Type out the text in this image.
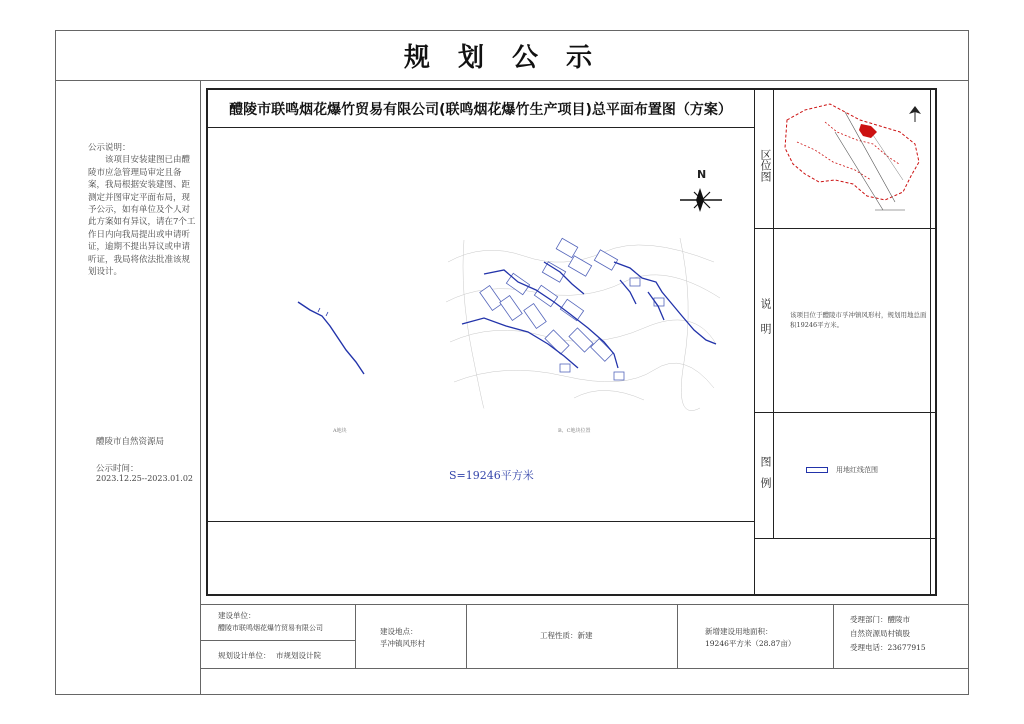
规划公示

公示说明：

该项目安装建图已由醴陵市应急管理局审定且备案，我局根据安装建图、距测定并图审定平面布局，现予公示，如有单位及个人对此方案如有异议，请在7个工作日内向我局提出或申请听证，逾期不提出异议或申请听证，我局将依法批准该规划设计。

醴陵市自然资源局
公示时间：
2023.12.25--2023.01.02
醴陵市联鸣烟花爆竹贸易有限公司(联鸣烟花爆竹生产项目)总平面布置图（方案）
区位图
说明
图例
该项目位于醴陵市孚冲镇风形村，规划用地总面积19246平方米。
用地红线范围
N
A地块	B、C地块位置
S=19246平方米
建设单位：
醴陵市联鸣烟花爆竹贸易有限公司
规划设计单位： 市规划设计院
建设地点：
孚冲镇风形村
工程性质：新建	新增建设用地面积：
19246平方米（28.87亩）
受理部门：醴陵市
自然资源局村镇股
受理电话：23677915
